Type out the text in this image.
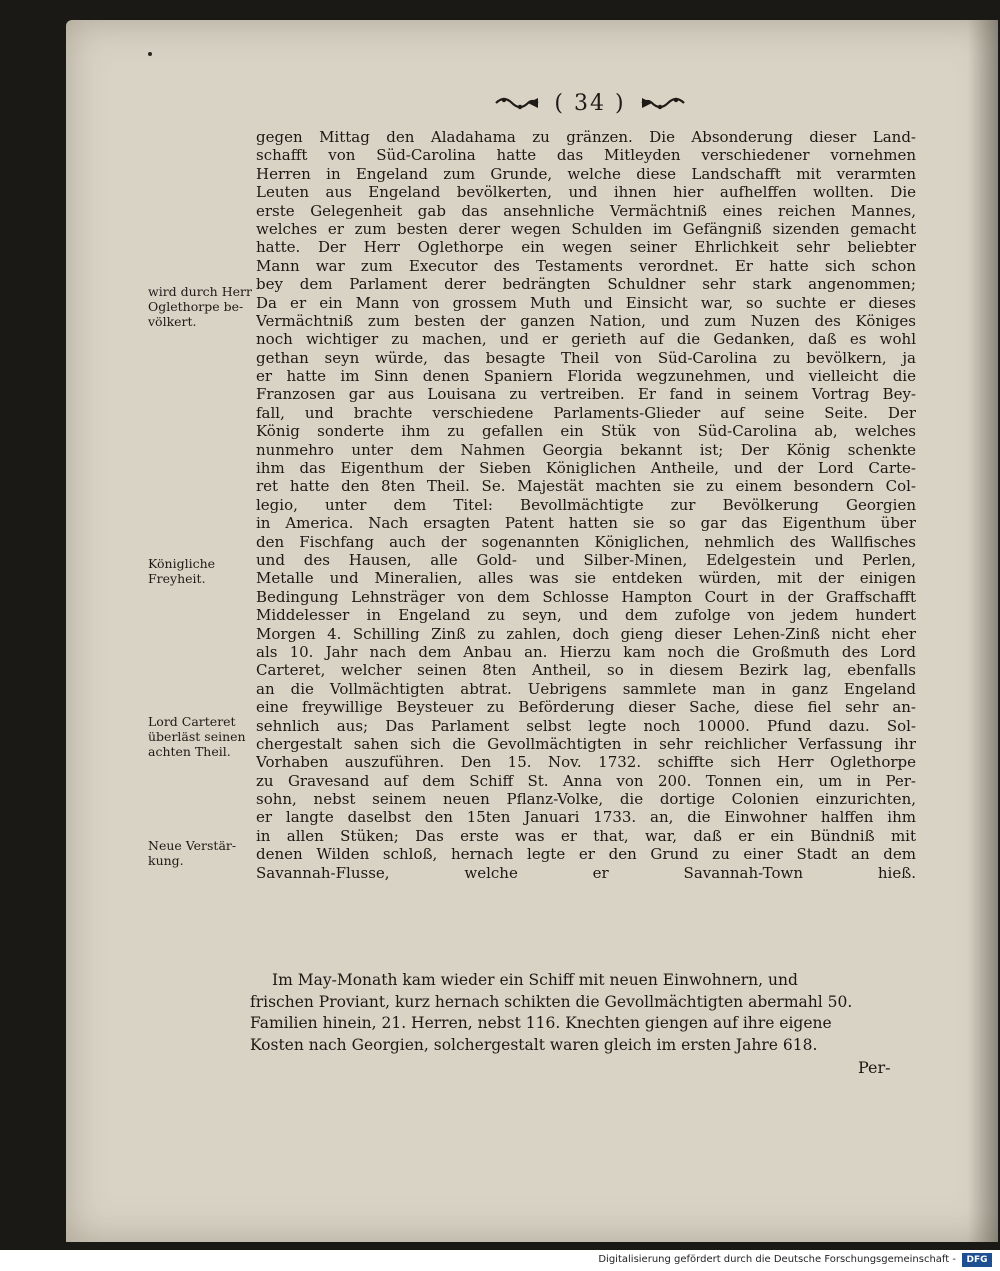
( 34 )
wird durch Herr
Oglethorpe be-
völkert.
Königliche
Freyheit.
Lord Carteret
überläst seinen
achten Theil.
Neue Verstär-
kung.
gegen Mittag den Aladahama zu gränzen. Die Absonderung dieser Land-
schafft von Süd-Carolina hatte das Mitleyden verschiedener vornehmen
Herren in Engeland zum Grunde, welche diese Landschafft mit verarmten
Leuten aus Engeland bevölkerten, und ihnen hier aufhelffen wollten. Die
erste Gelegenheit gab das ansehnliche Vermächtniß eines reichen Mannes,
welches er zum besten derer wegen Schulden im Gefängniß sizenden gemacht
hatte. Der Herr Oglethorpe ein wegen seiner Ehrlichkeit sehr beliebter
Mann war zum Executor des Testaments verordnet. Er hatte sich schon
bey dem Parlament derer bedrängten Schuldner sehr stark angenommen;
Da er ein Mann von grossem Muth und Einsicht war, so suchte er dieses
Vermächtniß zum besten der ganzen Nation, und zum Nuzen des Königes
noch wichtiger zu machen, und er gerieth auf die Gedanken, daß es wohl
gethan seyn würde, das besagte Theil von Süd-Carolina zu bevölkern, ja
er hatte im Sinn denen Spaniern Florida wegzunehmen, und vielleicht die
Franzosen gar aus Louisana zu vertreiben. Er fand in seinem Vortrag Bey-
fall, und brachte verschiedene Parlaments-Glieder auf seine Seite. Der
König sonderte ihm zu gefallen ein Stük von Süd-Carolina ab, welches
nunmehro unter dem Nahmen Georgia bekannt ist; Der König schenkte
ihm das Eigenthum der Sieben Königlichen Antheile, und der Lord Carte-
ret hatte den 8ten Theil. Se. Majestät machten sie zu einem besondern Col-
legio, unter dem Titel: Bevollmächtigte zur Bevölkerung Georgien
in America. Nach ersagten Patent hatten sie so gar das Eigenthum über
den Fischfang auch der sogenannten Königlichen, nehmlich des Wallfisches
und des Hausen, alle Gold- und Silber-Minen, Edelgestein und Perlen,
Metalle und Mineralien, alles was sie entdeken würden, mit der einigen
Bedingung Lehnsträger von dem Schlosse Hampton Court in der Graffschafft
Middelesser in Engeland zu seyn, und dem zufolge von jedem hundert
Morgen 4. Schilling Zinß zu zahlen, doch gieng dieser Lehen-Zinß nicht eher
als 10. Jahr nach dem Anbau an. Hierzu kam noch die Großmuth des Lord
Carteret, welcher seinen 8ten Antheil, so in diesem Bezirk lag, ebenfalls
an die Vollmächtigten abtrat. Uebrigens sammlete man in ganz Engeland
eine freywillige Beysteuer zu Beförderung dieser Sache, diese fiel sehr an-
sehnlich aus; Das Parlament selbst legte noch 10000. Pfund dazu. Sol-
chergestalt sahen sich die Gevollmächtigten in sehr reichlicher Verfassung ihr
Vorhaben auszuführen. Den 15. Nov. 1732. schiffte sich Herr Oglethorpe
zu Gravesand auf dem Schiff St. Anna von 200. Tonnen ein, um in Per-
sohn, nebst seinem neuen Pflanz-Volke, die dortige Colonien einzurichten,
er langte daselbst den 15ten Januari 1733. an, die Einwohner halffen ihm
in allen Stüken; Das erste was er that, war, daß er ein Bündniß mit
denen Wilden schloß, hernach legte er den Grund zu einer Stadt an dem
Savannah-Flusse, welche er Savannah-Town hieß.
Im May-Monath kam wieder ein Schiff mit neuen Einwohnern, und
frischen Proviant, kurz hernach schikten die Gevollmächtigten abermahl 50.
Familien hinein, 21. Herren, nebst 116. Knechten giengen auf ihre eigene
Kosten nach Georgien, solchergestalt waren gleich im ersten Jahre 618.
Per-
Digitalisierung gefördert durch die Deutsche Forschungsgemeinschaft -	DFG
